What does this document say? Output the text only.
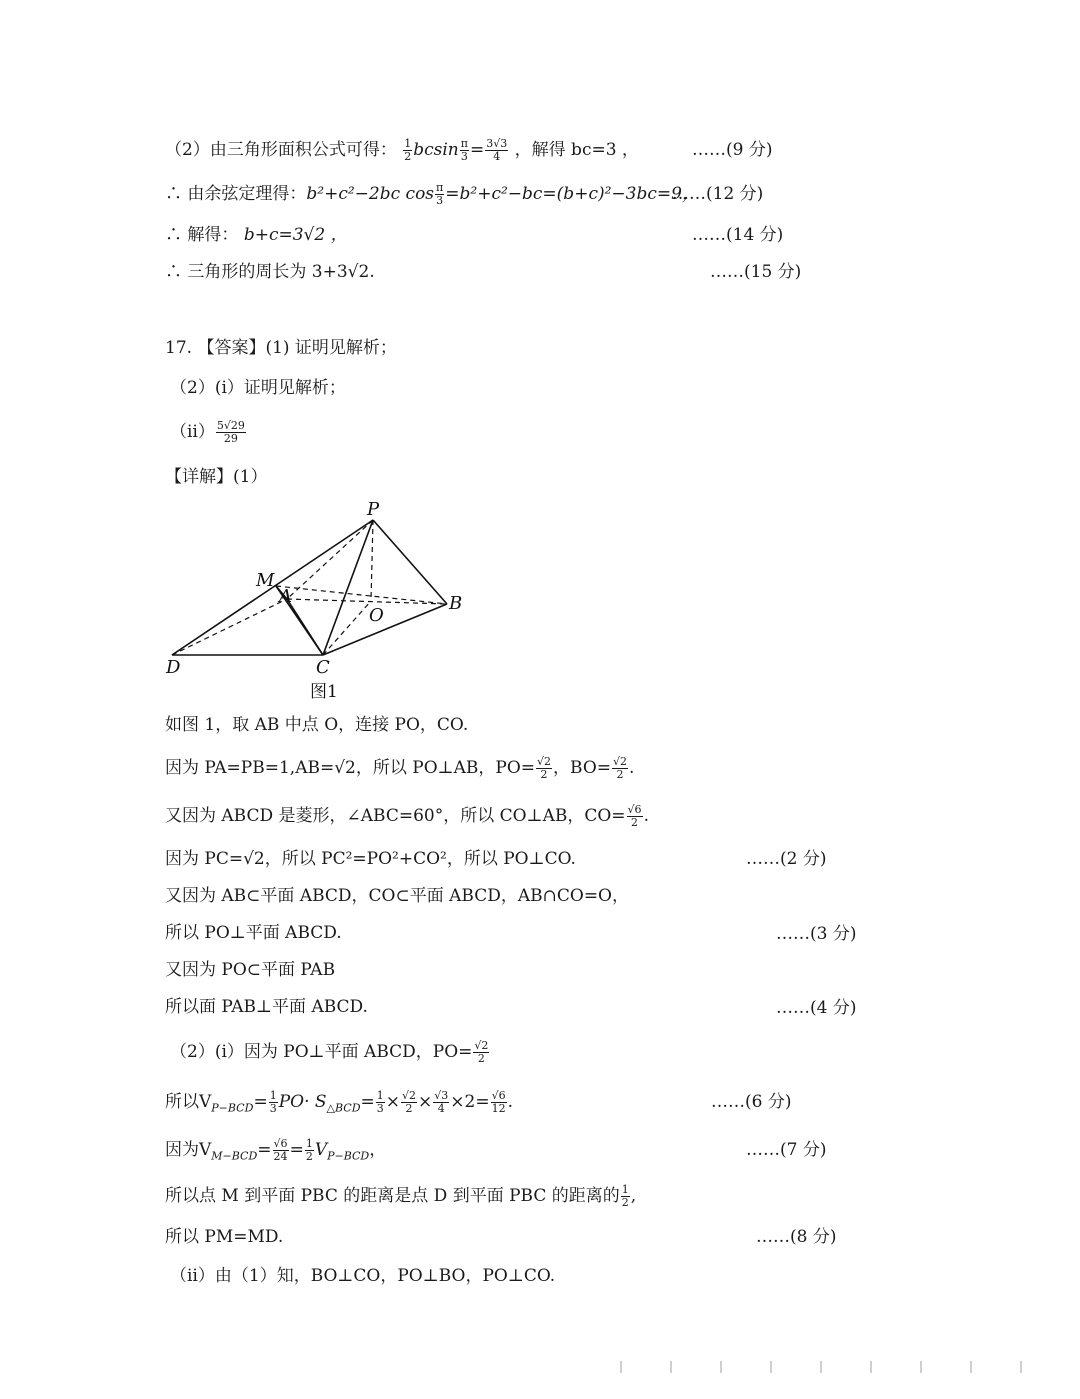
（2）由三角形面积公式可得： $\frac{1}{2}$ bcsin $\frac{\pi}{3} = \frac{3√3}{4}$ ，解得 bc=3 ，	……(9 分)
∴ 由余弦定理得：b²+c²−2bc $\cos \frac{\pi}{3} =b^2+c^2-bc=(b+c)^2-3bc=9$，
……(12 分)
∴ 解得： b+c=3√2 ，	……(14 分)
∴ 三角形的周长为 3+3√2.	……(15 分)
17. 【答案】(1) 证明见解析；
（2）(ⅰ）证明见解析；
（ⅱ） $\frac{5√29}{29}$
【详解】(1）
P
M
A
O
B
D	C
图1
如图 1，取 AB 中点 O，连接 PO，CO.
因为 PA=PB=1,AB=√2，所以 PO⊥AB，$PO= \frac{√2}{2}$ ，$BO= \frac{√2}{2}$ .
又因为 ABCD 是菱形，∠ABC=60°，所以 CO⊥AB，$CO= \frac{√6}{2}$ .
因为 PC=√2，所以 PC²=PO²+CO²，所以 PO⊥CO.	……(2 分)
又因为 AB⊂平面 ABCD，CO⊂平面 ABCD，AB∩CO=O，
所以 PO⊥平面 ABCD.	……(3 分)
又因为 PO⊂平面 PAB
所以面 PAB⊥平面 ABCD.	……(4 分)
（2）(ⅰ）因为 PO⊥平面 ABCD，$PO= \frac{√2}{2}$
所以$V_{P-BCD}= \frac{1}{3} PO\cdot S_{\triangle BCD}= \frac{1}{3} \times \frac{√2}{2} \times \frac{√3}{4} \times 2= \frac{√6}{12}$ .	……(6 分)
因为$V_{M-BCD}= \frac{√6}{24} = \frac{1}{2} V_{P-BCD}$，	……(7 分)
所以点 M 到平面 PBC 的距离是点 D 到平面 PBC 的距离的 $\frac{1}{2}$ ,
所以 PM=MD.	……(8 分)
（ⅱ）由（1）知，BO⊥CO，PO⊥BO，PO⊥CO.
